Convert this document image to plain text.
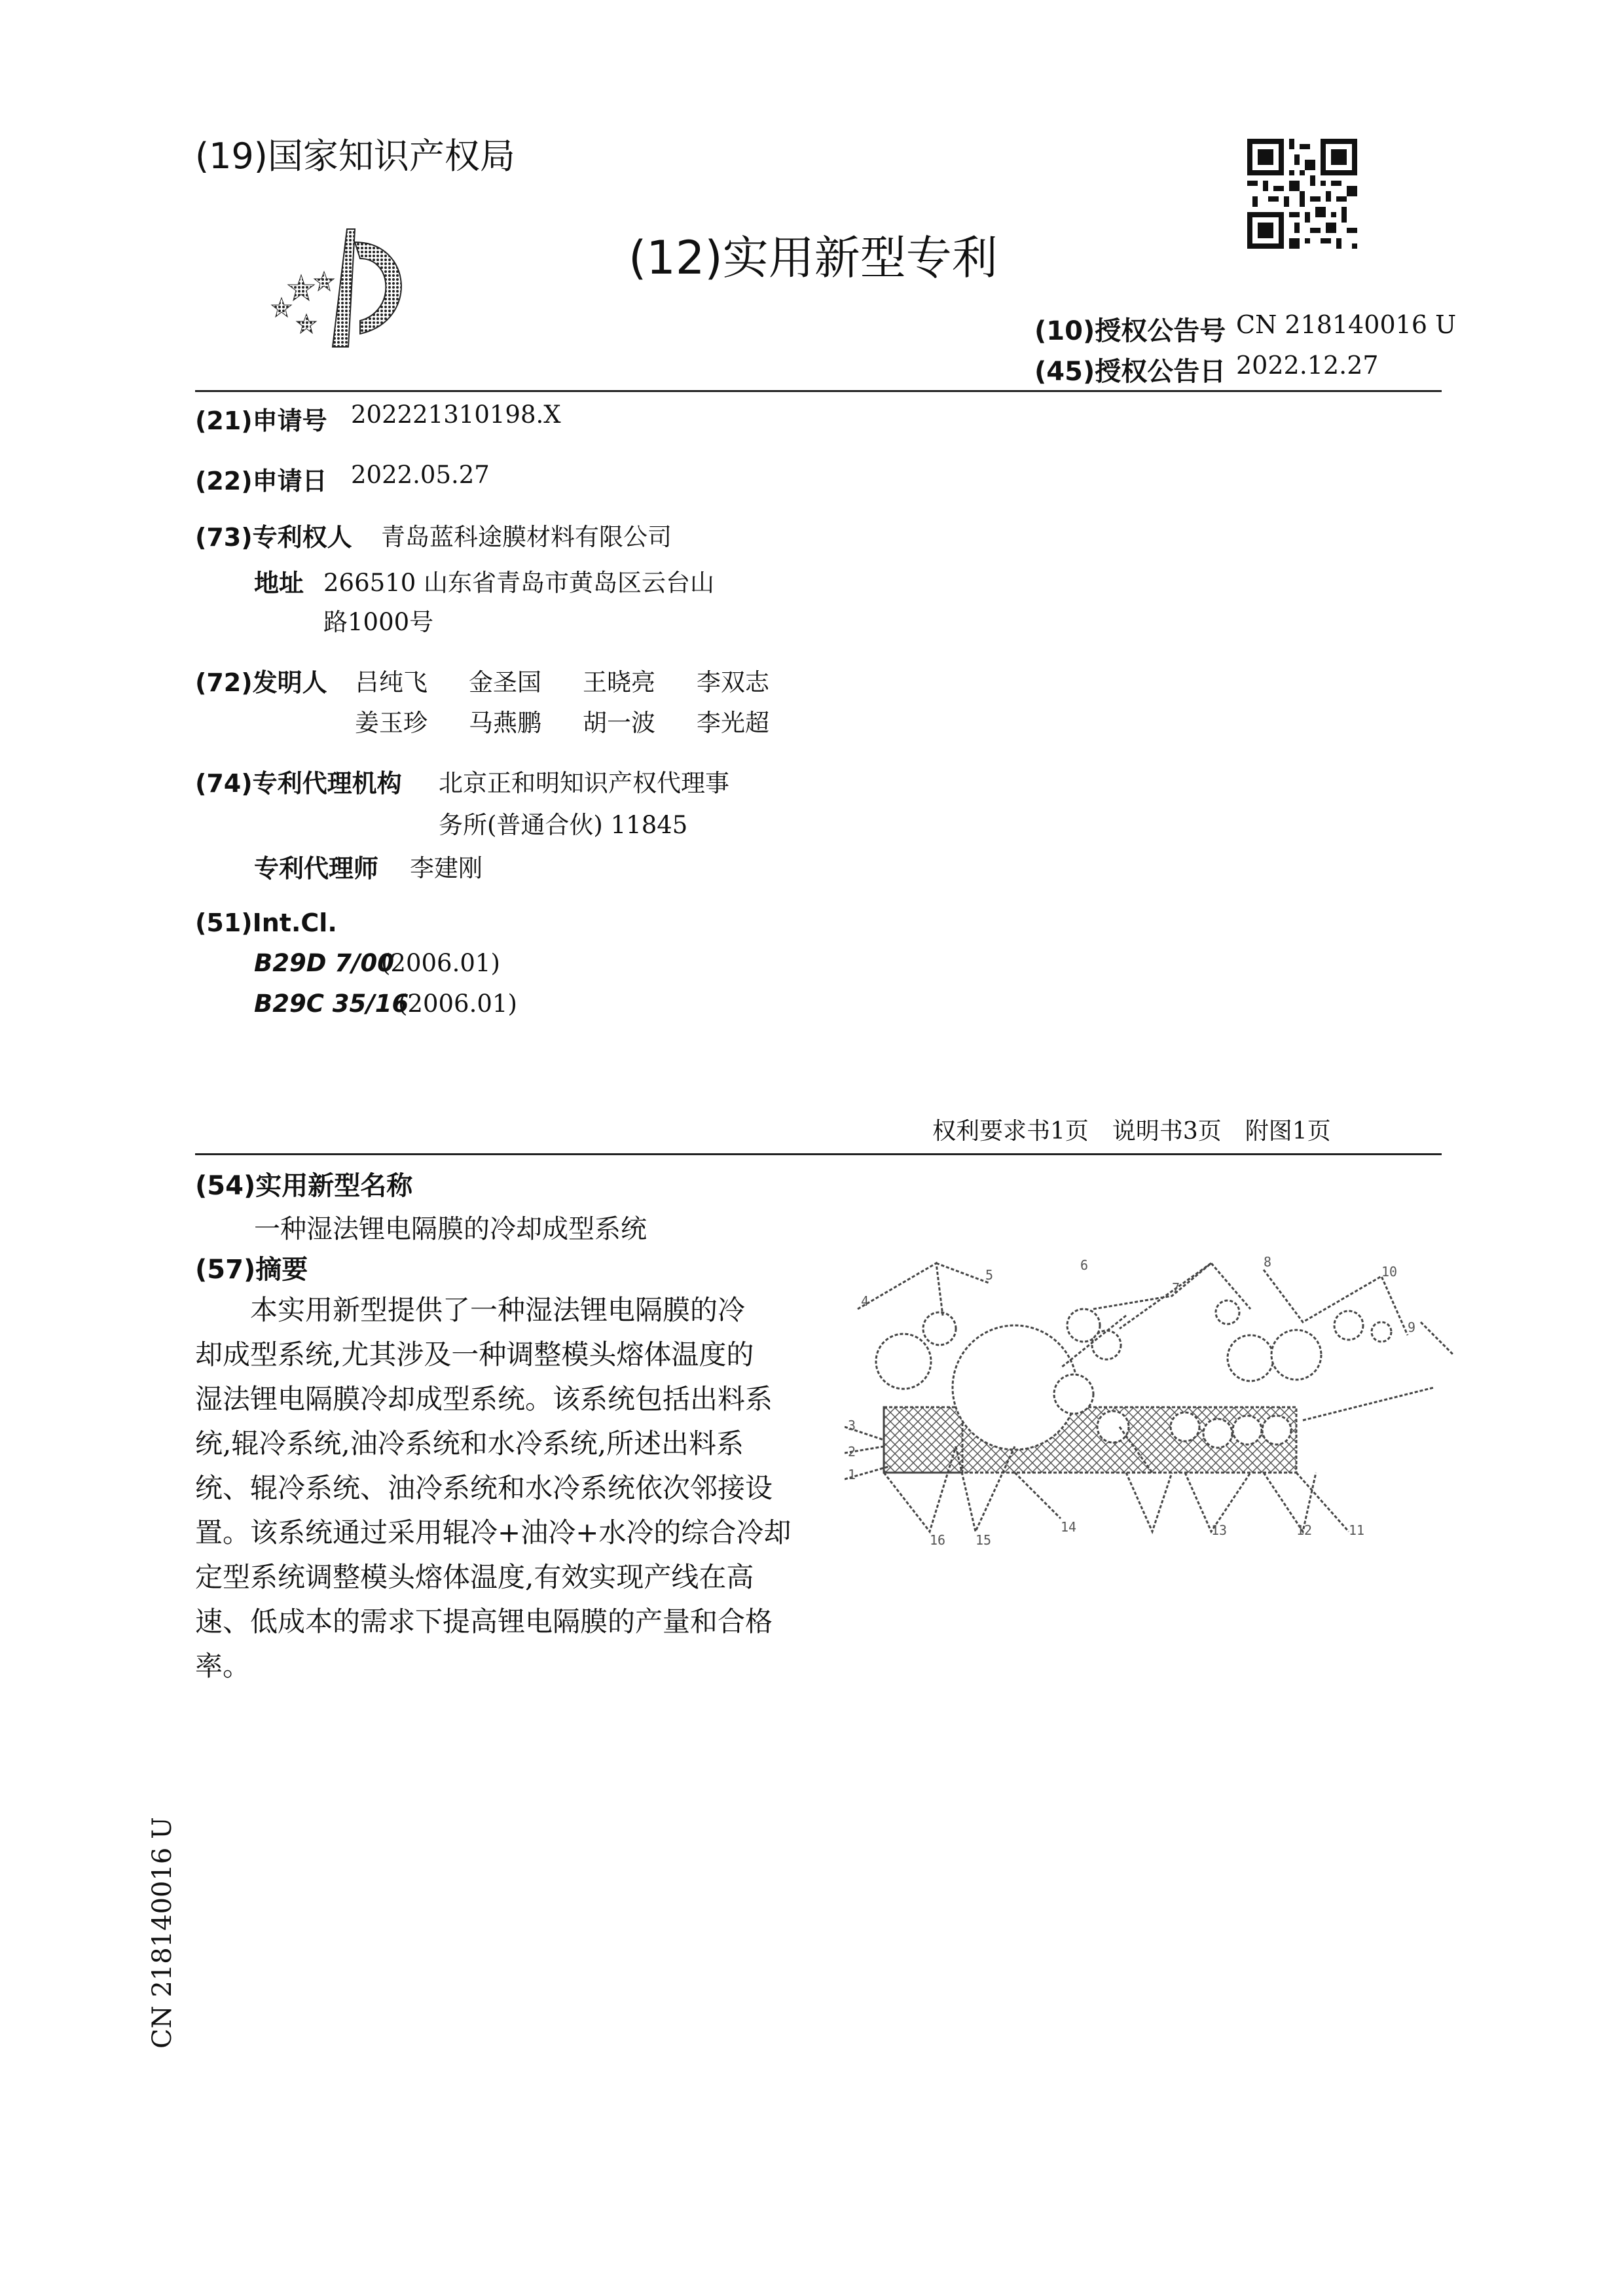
(19)国家知识产权局
(12)实用新型专利
(10)授权公告号 CN 218140016 U
(45)授权公告日 2022.12.27
(21)申请号 202221310198.X
(22)申请日 2022.05.27
(73)专利权人 青岛蓝科途膜材料有限公司
地址 266510 山东省青岛市黄岛区云台山
路1000号
(72)发明人 吕纯飞 金圣国 王晓亮 李双志
姜玉珍 马燕鹏 胡一波 李光超
(74)专利代理机构 北京正和明知识产权代理事
务所(普通合伙) 11845
专利代理师 李建刚
(51)Int.Cl.
B29D 7/00
(2006.01)
B29C 35/16
(2006.01)
权利要求书1页　说明书3页　附图1页
(54)实用新型名称
一种湿法锂电隔膜的冷却成型系统
(57)摘要
　　本实用新型提供了一种湿法锂电隔膜的冷
却成型系统,尤其涉及一种调整模头熔体温度的
湿法锂电隔膜冷却成型系统。该系统包括出料系
统,辊冷系统,油冷系统和水冷系统,所述出料系
统、辊冷系统、油冷系统和水冷系统依次邻接设
置。该系统通过采用辊冷+油冷+水冷的综合冷却
定型系统调整模头熔体温度,有效实现产线在高
速、低成本的需求下提高锂电隔膜的产量和合格
率。
1
2
3
4
5
6
7
8
9
10
11
12
13
14
15
16
CN 218140016 U
